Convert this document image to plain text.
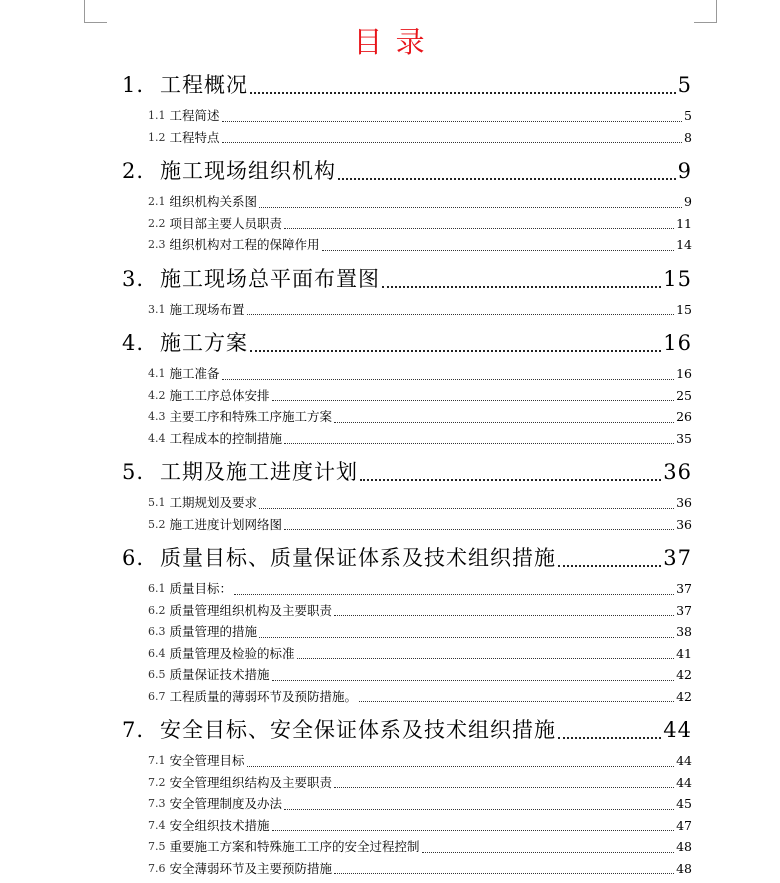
目 录
1. 工程概况	5
1.1 工程简述	5
1.2 工程特点	8
2. 施工现场组织机构	9
2.1 组织机构关系图	9
2.2 项目部主要人员职责	11
2.3 组织机构对工程的保障作用	14
3. 施工现场总平面布置图	15
3.1 施工现场布置	15
4. 施工方案	16
4.1 施工准备	16
4.2 施工工序总体安排	25
4.3 主要工序和特殊工序施工方案	26
4.4 工程成本的控制措施	35
5. 工期及施工进度计划	36
5.1 工期规划及要求	36
5.2 施工进度计划网络图	36
6. 质量目标、质量保证体系及技术组织措施	37
6.1 质量目标：	37
6.2 质量管理组织机构及主要职责	37
6.3 质量管理的措施	38
6.4 质量管理及检验的标准	41
6.5 质量保证技术措施	42
6.7 工程质量的薄弱环节及预防措施。	42
7. 安全目标、安全保证体系及技术组织措施	44
7.1 安全管理目标	44
7.2 安全管理组织结构及主要职责	44
7.3 安全管理制度及办法	45
7.4 安全组织技术措施	47
7.5 重要施工方案和特殊施工工序的安全过程控制	48
7.6 安全薄弱环节及主要预防措施	48
